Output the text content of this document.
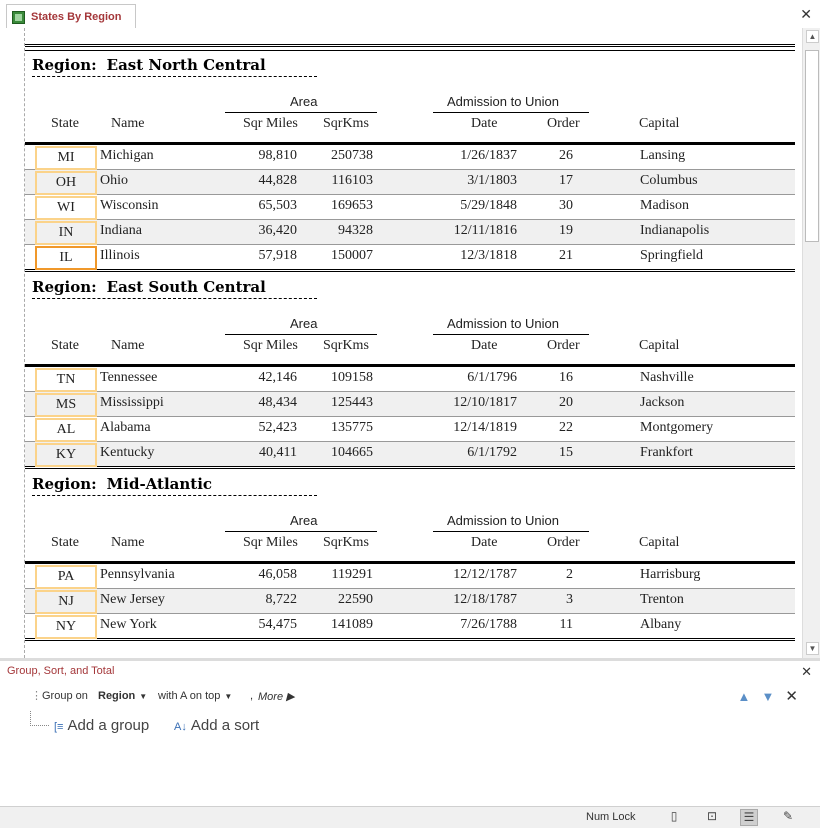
States By Region	✕
Region: East North Central
Area	Admission to Union
State Name	Sqr Miles SqrKms	Date	Order	Capital
MI	Michigan	98,810 250738	1/26/1837	26	Lansing
OH	Ohio	44,828 116103	3/1/1803	17	Columbus
WI	Wisconsin	65,503 169653	5/29/1848	30	Madison
IN	Indiana	36,420	94328	12/11/1816	19	Indianapolis
IL	Illinois	57,918 150007	12/3/1818	21	Springfield
Region: East South Central
Area	Admission to Union
State Name	Sqr Miles SqrKms	Date	Order	Capital
TN	Tennessee	42,146 109158	6/1/1796	16	Nashville
MS	Mississippi	48,434 125443	12/10/1817	20	Jackson
AL	Alabama	52,423 135775	12/14/1819	22	Montgomery
KY	Kentucky	40,411 104665	6/1/1792	15	Frankfort
Region: Mid-Atlantic
Area	Admission to Union
State Name	Sqr Miles SqrKms	Date	Order	Capital
PA	Pennsylvania	46,058 119291	12/12/1787	2	Harrisburg
NJ	New Jersey	8,722	22590	12/18/1787	3	Trenton
NY	New York	54,475 141089	7/26/1788	11	Albany
▲
▼
Group, Sort, and Total	✕
⋮ Group on Region ▼ with A on top ▼ , More ▶	▲ ▼ ✕
[≡ Add a group A↓ Add a sort
Num Lock	▯	⊡	☰	✎
